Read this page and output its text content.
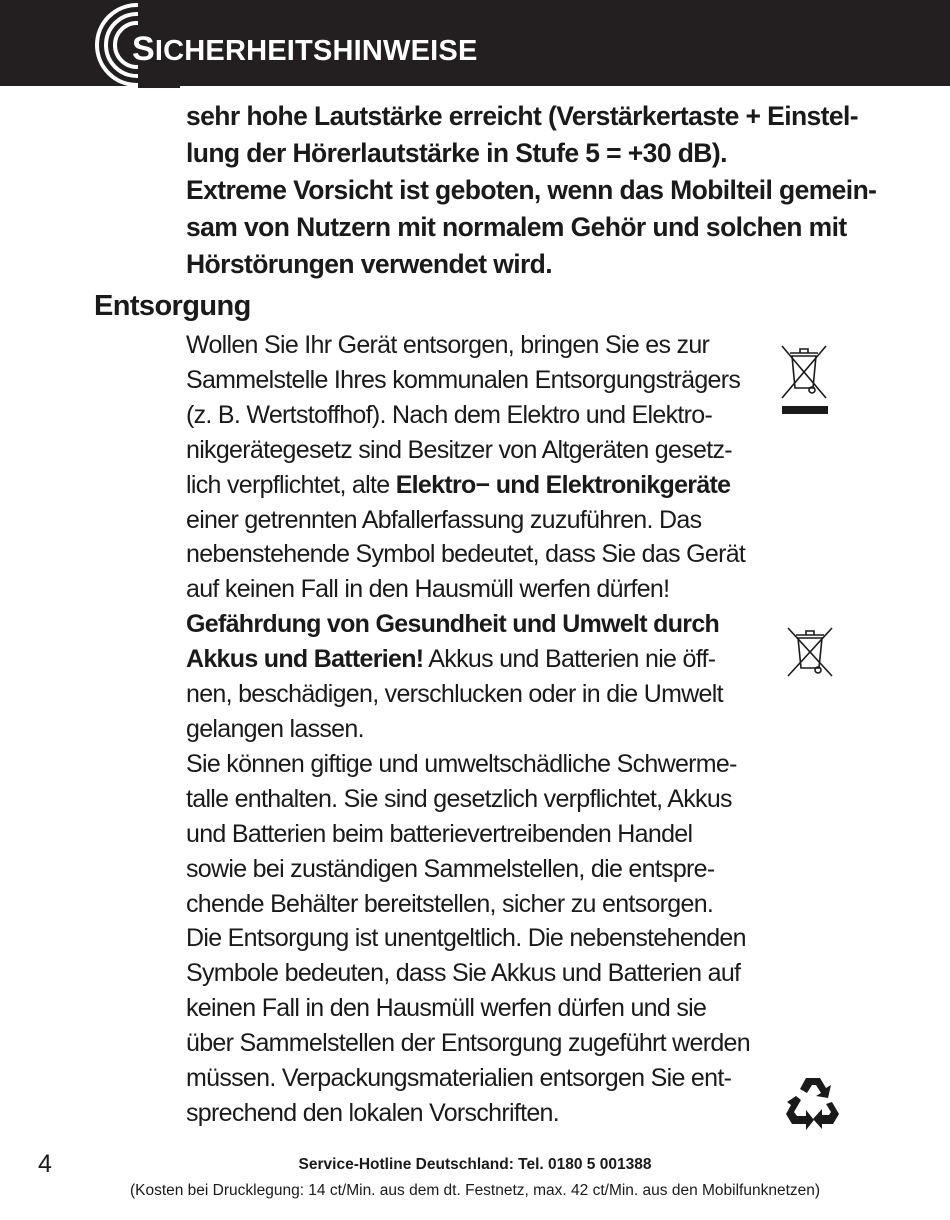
SICHERHEITSHINWEISE
sehr hohe Lautstärke erreicht (Verstärkertaste + Einstel-
lung der Hörerlautstärke in Stufe 5 = +30 dB).
Extreme Vorsicht ist geboten, wenn das Mobilteil gemein-
sam von Nutzern mit normalem Gehör und solchen mit
Hörstörungen verwendet wird.
Entsorgung
Wollen Sie Ihr Gerät entsorgen, bringen Sie es zur
Sammelstelle Ihres kommunalen Entsorgungsträgers
(z. B. Wertstoffhof). Nach dem Elektro und Elektro-
nikgerätegesetz sind Besitzer von Altgeräten gesetz-
lich verpflichtet, alte Elektro− und Elektronikgeräte
einer getrennten Abfallerfassung zuzuführen. Das
nebenstehende Symbol bedeutet, dass Sie das Gerät
auf keinen Fall in den Hausmüll werfen dürfen!
Gefährdung von Gesundheit und Umwelt durch
Akkus und Batterien! Akkus und Batterien nie öff-
nen, beschädigen, verschlucken oder in die Umwelt
gelangen lassen.
Sie können giftige und umweltschädliche Schwerme-
talle enthalten. Sie sind gesetzlich verpflichtet, Akkus
und Batterien beim batterievertreibenden Handel
sowie bei zuständigen Sammelstellen, die entspre-
chende Behälter bereitstellen, sicher zu entsorgen.
Die Entsorgung ist unentgeltlich. Die nebenstehenden
Symbole bedeuten, dass Sie Akkus und Batterien auf
keinen Fall in den Hausmüll werfen dürfen und sie
über Sammelstellen der Entsorgung zugeführt werden
müssen. Verpackungsmaterialien entsorgen Sie ent-
sprechend den lokalen Vorschriften.
4	Service-Hotline Deutschland: Tel. 0180 5 001388
(Kosten bei Drucklegung: 14 ct/Min. aus dem dt. Festnetz, max. 42 ct/Min. aus den Mobilfunknetzen)
